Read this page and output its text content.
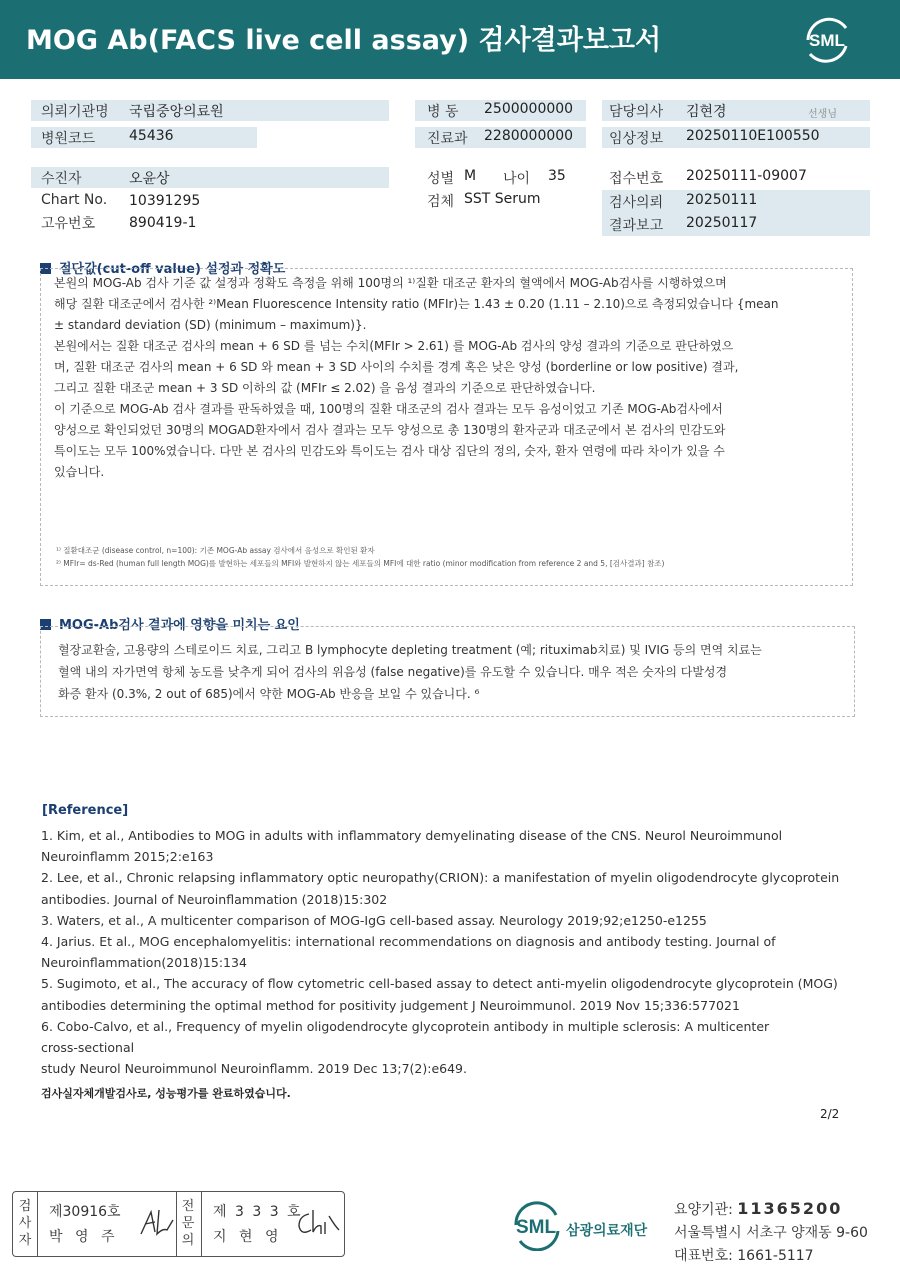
MOG Ab(FACS live cell assay) 검사결과보고서	SML
의뢰기관명 국립중앙의료원
병원코드 45436
병 동 2500000000
진료과 2280000000
담당의사 김현경	선생님
임상정보 20250110E100550
수진자	오윤상
Chart No. 10391295
고유번호 890419-1
성별 M 나이 35
검체 SST Serum
접수번호 20250111-09007
검사의뢰 20250111
결과보고 20250117
절단값(cut-off value) 설정과 정확도

본원의 MOG-Ab 검사 기준 값 설정과 정확도 측정을 위해 100명의 ¹⁾질환 대조군 환자의 혈액에서 MOG-Ab검사를 시행하였으며

해당 질환 대조군에서 검사한 ²⁾Mean Fluorescence Intensity ratio (MFIr)는 1.43 ± 0.20 (1.11 – 2.10)으로 측정되었습니다 {mean

± standard deviation (SD) (minimum – maximum)}.

본원에서는 질환 대조군 검사의 mean + 6 SD 를 넘는 수치(MFIr > 2.61) 를 MOG-Ab 검사의 양성 결과의 기준으로 판단하였으

며, 질환 대조군 검사의 mean + 6 SD 와 mean + 3 SD 사이의 수치를 경계 혹은 낮은 양성 (borderline or low positive) 결과,

그리고 질환 대조군 mean + 3 SD 이하의 값 (MFIr ≤ 2.02) 을 음성 결과의 기준으로 판단하였습니다.

이 기준으로 MOG-Ab 검사 결과를 판독하였을 때, 100명의 질환 대조군의 검사 결과는 모두 음성이었고 기존 MOG-Ab검사에서

양성으로 확인되었던 30명의 MOGAD환자에서 검사 결과는 모두 양성으로 총 130명의 환자군과 대조군에서 본 검사의 민감도와

특이도는 모두 100%였습니다. 다만 본 검사의 민감도와 특이도는 검사 대상 집단의 정의, 숫자, 환자 연령에 따라 차이가 있을 수

있습니다.

¹⁾ 질환대조군 (disease control, n=100): 기존 MOG-Ab assay 검사에서 음성으로 확인된 환자

²⁾ MFIr= ds-Red (human full length MOG)를 발현하는 세포들의 MFI와 발현하지 않는 세포들의 MFI에 대한 ratio (minor modification from reference 2 and 5, [검사결과] 참조)

MOG-Ab검사 결과에 영향을 미치는 요인

혈장교환술, 고용량의 스테로이드 치료, 그리고 B lymphocyte depleting treatment (예; rituximab치료) 및 IVIG 등의 면역 치료는

혈액 내의 자가면역 항체 농도를 낮추게 되어 검사의 위음성 (false negative)를 유도할 수 있습니다. 매우 적은 숫자의 다발성경

화증 환자 (0.3%, 2 out of 685)에서 약한 MOG-Ab 반응을 보일 수 있습니다. ⁶

[Reference]

1. Kim, et al., Antibodies to MOG in adults with inflammatory demyelinating disease of the CNS. Neurol Neuroimmunol

Neuroinflamm 2015;2:e163

2. Lee, et al., Chronic relapsing inflammatory optic neuropathy(CRION): a manifestation of myelin oligodendrocyte glycoprotein

antibodies. Journal of Neuroinflammation (2018)15:302

3. Waters, et al., A multicenter comparison of MOG-IgG cell-based assay. Neurology 2019;92;e1250-e1255

4. Jarius. Et al., MOG encephalomyelitis: international recommendations on diagnosis and antibody testing. Journal of

Neuroinflammation(2018)15:134

5. Sugimoto, et al., The accuracy of flow cytometric cell-based assay to detect anti-myelin oligodendrocyte glycoprotein (MOG)

antibodies determining the optimal method for positivity judgement J Neuroimmunol. 2019 Nov 15;336:577021

6. Cobo-Calvo, et al., Frequency of myelin oligodendrocyte glycoprotein antibody in multiple sclerosis: A multicenter

cross-sectional

study Neurol Neuroimmunol Neuroinflamm. 2019 Dec 13;7(2):e649.

검사실자체개발검사로, 성능평가를 완료하였습니다.
2/2
검
사
자
제30916호
박 영 주
전
문
의
제 3 3 3 호
지 현 영	SML 삼광의료재단
요양기관: 11365200
서울특별시 서초구 양재동 9-60
대표번호: 1661-5117
